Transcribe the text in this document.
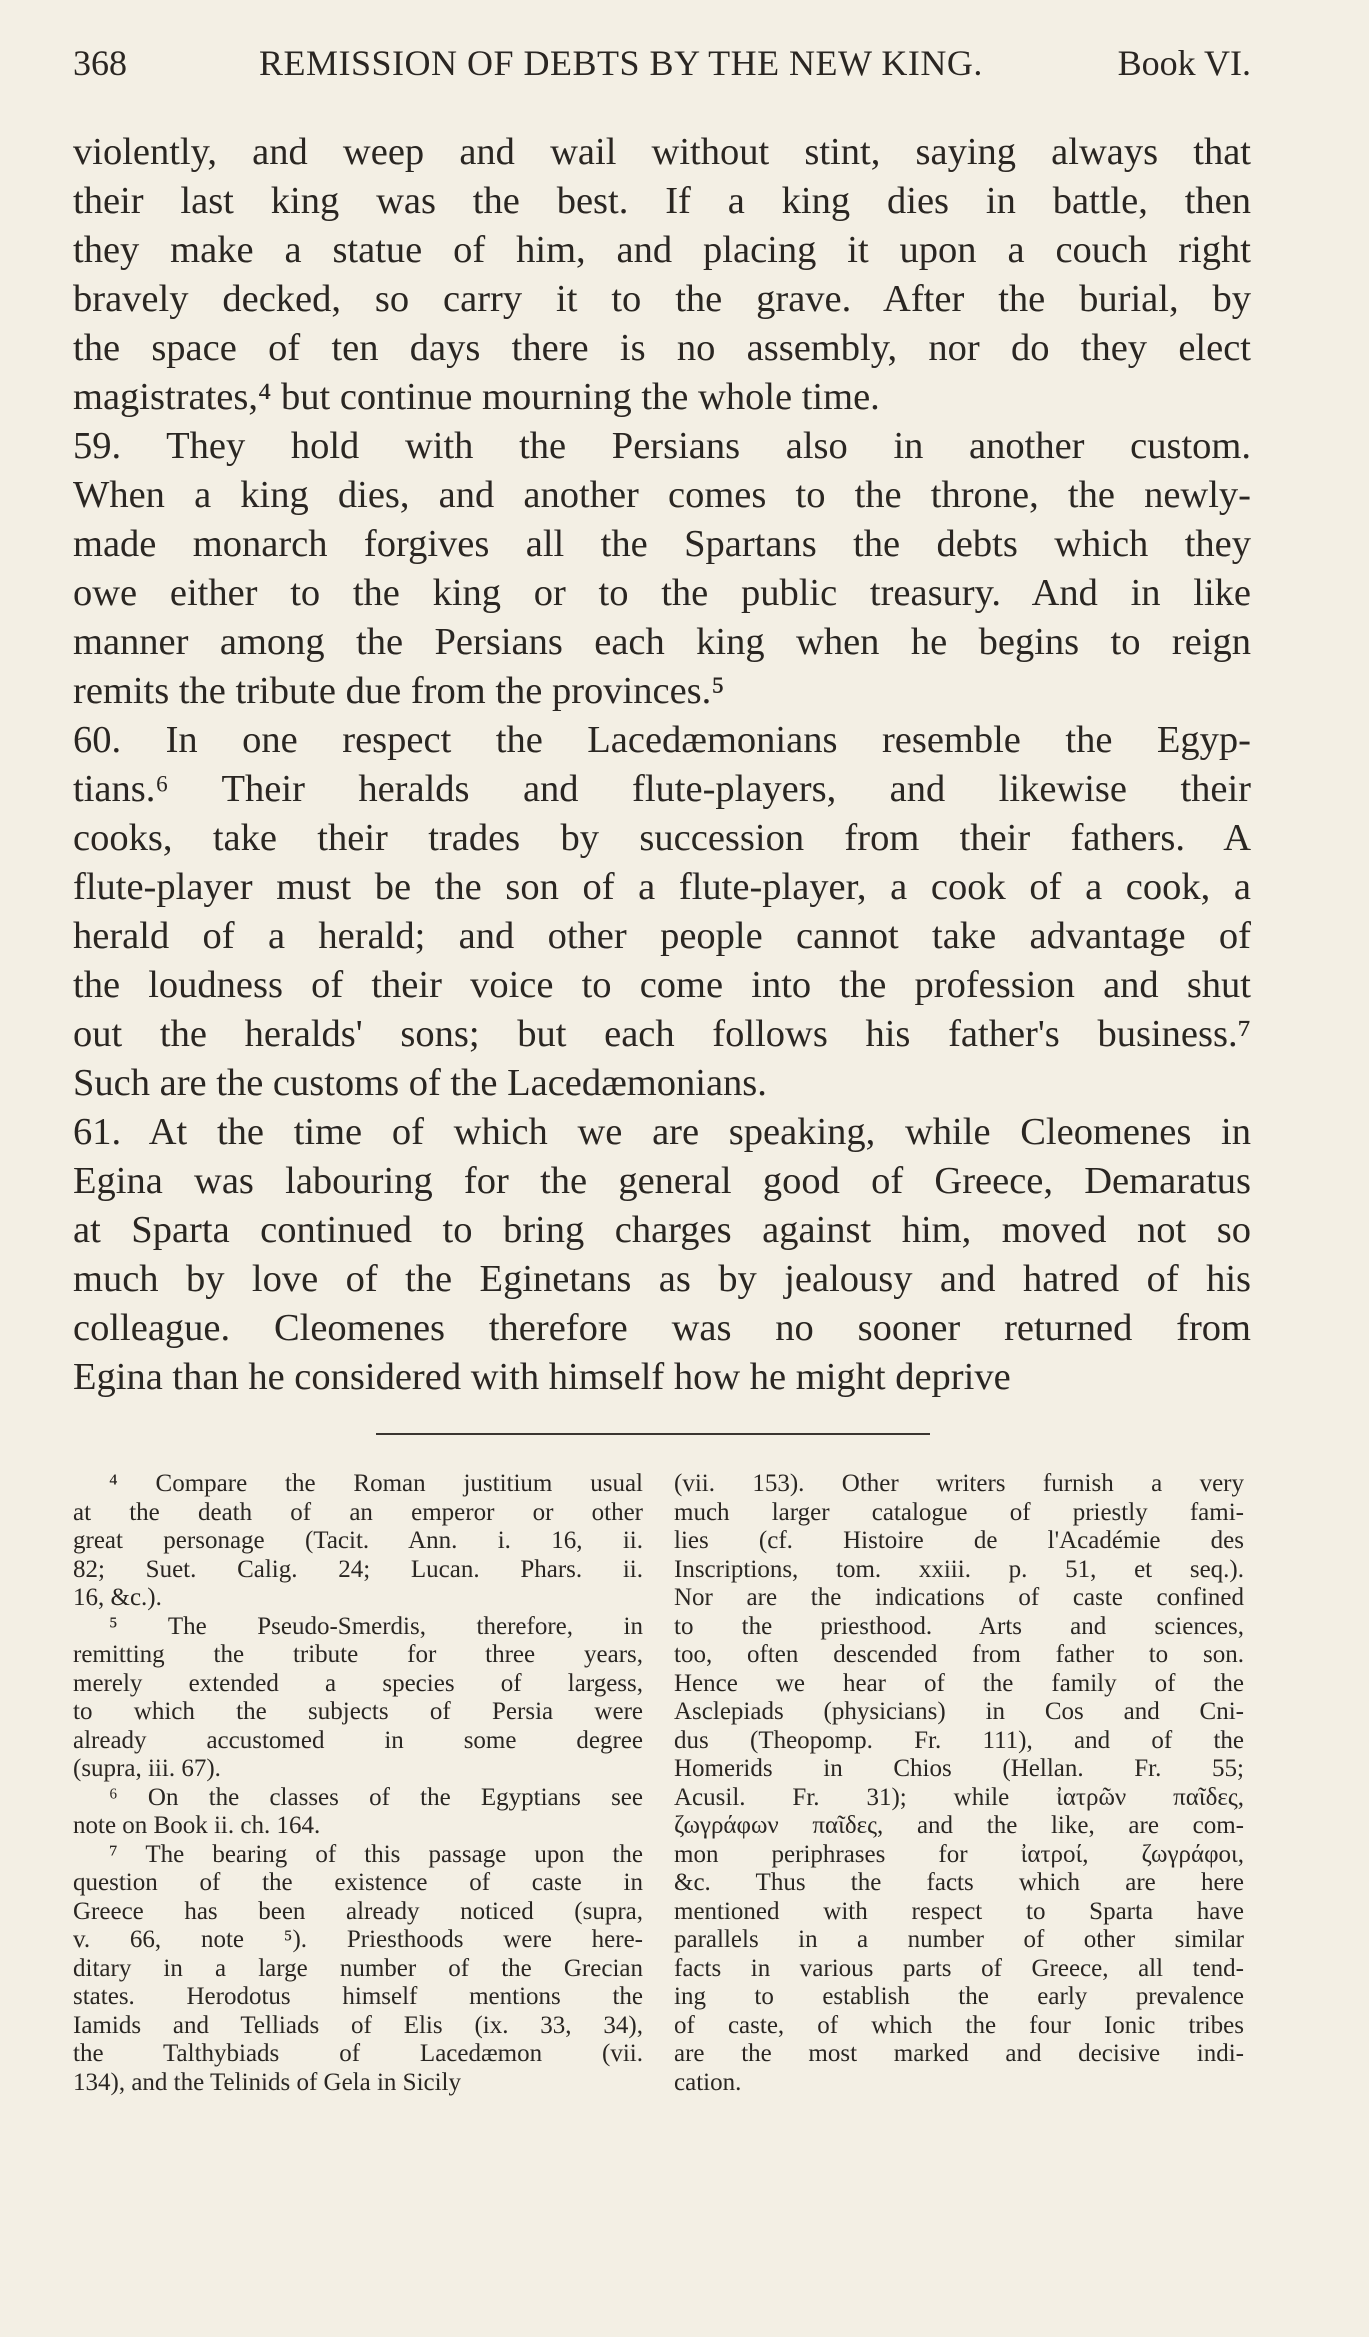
368	REMISSION OF DEBTS BY THE NEW KING.	Book VI.
violently, and weep and wail without stint, saying always that
their last king was the best. If a king dies in battle, then
they make a statue of him, and placing it upon a couch right
bravely decked, so carry it to the grave. After the burial, by
the space of ten days there is no assembly, nor do they elect
magistrates,⁴ but continue mourning the whole time.
59. They hold with the Persians also in another custom.
When a king dies, and another comes to the throne, the newly-
made monarch forgives all the Spartans the debts which they
owe either to the king or to the public treasury. And in like
manner among the Persians each king when he begins to reign
remits the tribute due from the provinces.⁵
60. In one respect the Lacedæmonians resemble the Egyp-
tians.⁶ Their heralds and flute-players, and likewise their
cooks, take their trades by succession from their fathers. A
flute-player must be the son of a flute-player, a cook of a cook, a
herald of a herald; and other people cannot take advantage of
the loudness of their voice to come into the profession and shut
out the heralds' sons; but each follows his father's business.⁷
Such are the customs of the Lacedæmonians.
61. At the time of which we are speaking, while Cleomenes in
Egina was labouring for the general good of Greece, Demaratus
at Sparta continued to bring charges against him, moved not so
much by love of the Eginetans as by jealousy and hatred of his
colleague. Cleomenes therefore was no sooner returned from
Egina than he considered with himself how he might deprive
⁴ Compare the Roman justitium usual
at the death of an emperor or other
great personage (Tacit. Ann. i. 16, ii.
82; Suet. Calig. 24; Lucan. Phars. ii.
16, &c.).
⁵ The Pseudo-Smerdis, therefore, in
remitting the tribute for three years,
merely extended a species of largess,
to which the subjects of Persia were
already accustomed in some degree
(supra, iii. 67).
⁶ On the classes of the Egyptians see
note on Book ii. ch. 164.
⁷ The bearing of this passage upon the
question of the existence of caste in
Greece has been already noticed (supra,
v. 66, note ⁵). Priesthoods were here-
ditary in a large number of the Grecian
states. Herodotus himself mentions the
Iamids and Telliads of Elis (ix. 33, 34),
the Talthybiads of Lacedæmon (vii.
134), and the Telinids of Gela in Sicily
(vii. 153). Other writers furnish a very
much larger catalogue of priestly fami-
lies (cf. Histoire de l'Académie des
Inscriptions, tom. xxiii. p. 51, et seq.).
Nor are the indications of caste confined
to the priesthood. Arts and sciences,
too, often descended from father to son.
Hence we hear of the family of the
Asclepiads (physicians) in Cos and Cni-
dus (Theopomp. Fr. 111), and of the
Homerids in Chios (Hellan. Fr. 55;
Acusil. Fr. 31); while ἰατρῶν παῖδες,
ζωγράφων παῖδες, and the like, are com-
mon periphrases for ἰατροί, ζωγράφοι,
&c. Thus the facts which are here
mentioned with respect to Sparta have
parallels in a number of other similar
facts in various parts of Greece, all tend-
ing to establish the early prevalence
of caste, of which the four Ionic tribes
are the most marked and decisive indi-
cation.
